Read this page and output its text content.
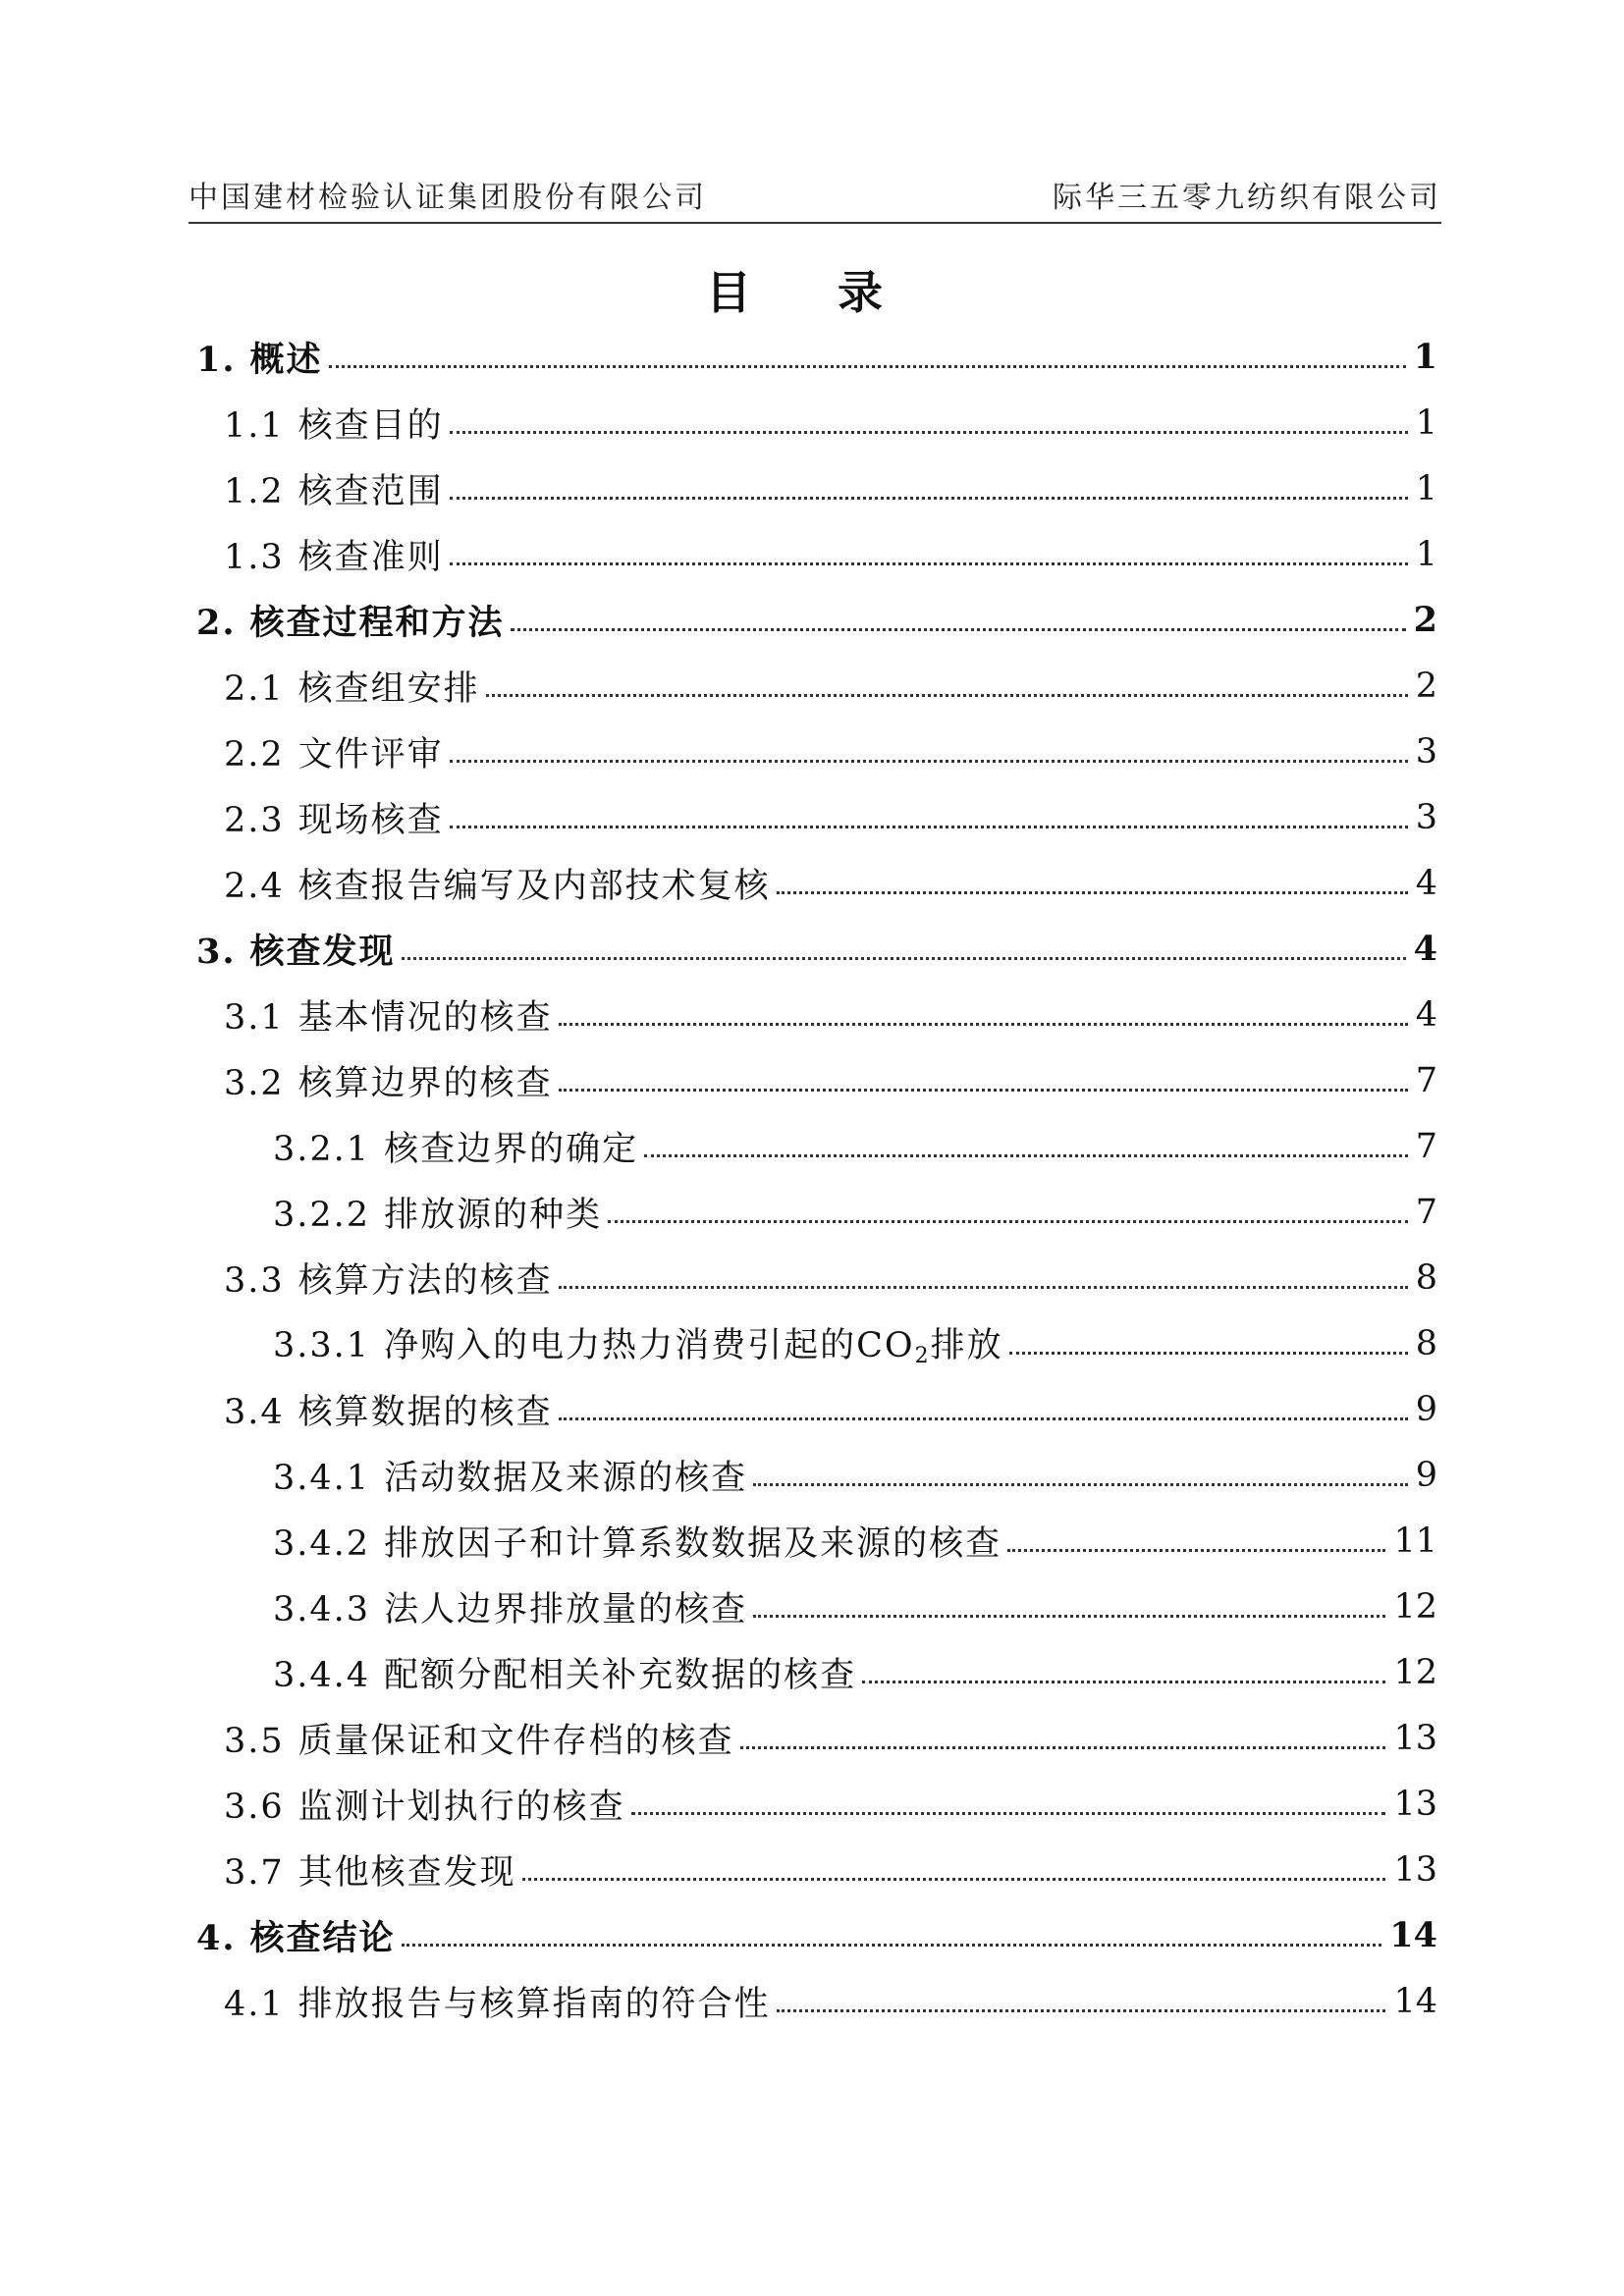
中国建材检验认证集团股份有限公司	际华三五零九纺织有限公司
目 录
1. 概述	1
1.1 核查目的	1
1.2 核查范围	1
1.3 核查准则	1
2. 核查过程和方法	2
2.1 核查组安排	2
2.2 文件评审	3
2.3 现场核查	3
2.4 核查报告编写及内部技术复核	4
3. 核查发现	4
3.1 基本情况的核查	4
3.2 核算边界的核查	7
3.2.1 核查边界的确定	7
3.2.2 排放源的种类	7
3.3 核算方法的核查	8
3.3.1 净购入的电力热力消费引起的$CO_2$排放	8
3.4 核算数据的核查	9
3.4.1 活动数据及来源的核查	9
3.4.2 排放因子和计算系数数据及来源的核查	11
3.4.3 法人边界排放量的核查	12
3.4.4 配额分配相关补充数据的核查	12
3.5 质量保证和文件存档的核查	13
3.6 监测计划执行的核查	13
3.7 其他核查发现	13
4. 核查结论	14
4.1 排放报告与核算指南的符合性	14
